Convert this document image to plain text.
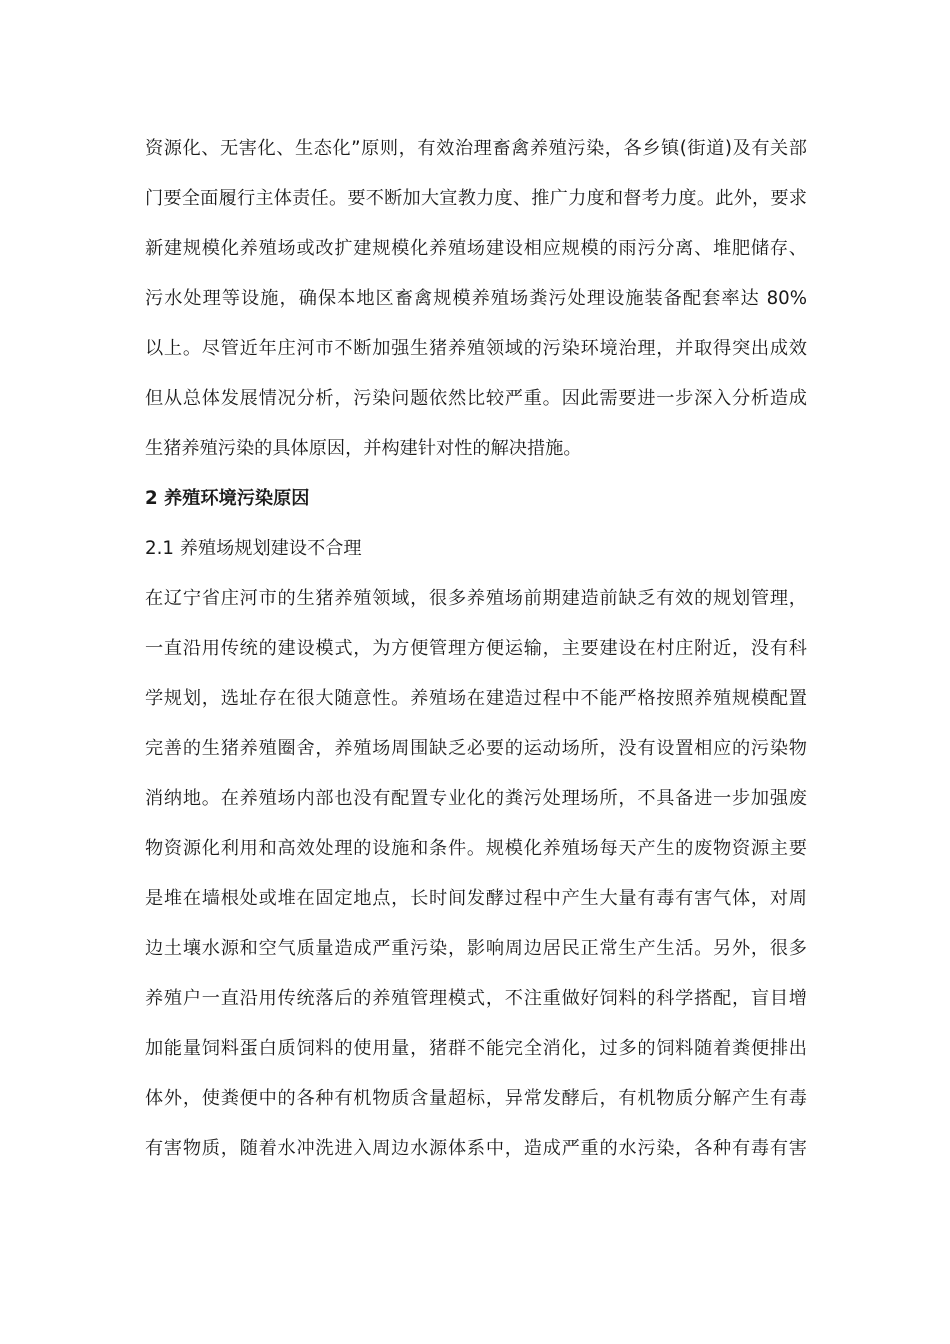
资源化、无害化、生态化”原则，有效治理畜禽养殖污染，各乡镇(街道)及有关部
门要全面履行主体责任。要不断加大宣教力度、推广力度和督考力度。此外，要求
新建规模化养殖场或改扩建规模化养殖场建设相应规模的雨污分离、堆肥储存、
污水处理等设施，确保本地区畜禽规模养殖场粪污处理设施装备配套率达 80%
以上。尽管近年庄河市不断加强生猪养殖领域的污染环境治理，并取得突出成效
但从总体发展情况分析，污染问题依然比较严重。因此需要进一步深入分析造成
生猪养殖污染的具体原因，并构建针对性的解决措施。
2 养殖环境污染原因
2.1 养殖场规划建设不合理
在辽宁省庄河市的生猪养殖领域，很多养殖场前期建造前缺乏有效的规划管理，
一直沿用传统的建设模式，为方便管理方便运输，主要建设在村庄附近，没有科
学规划，选址存在很大随意性。养殖场在建造过程中不能严格按照养殖规模配置
完善的生猪养殖圈舍，养殖场周围缺乏必要的运动场所，没有设置相应的污染物
消纳地。在养殖场内部也没有配置专业化的粪污处理场所，不具备进一步加强废
物资源化利用和高效处理的设施和条件。规模化养殖场每天产生的废物资源主要
是堆在墙根处或堆在固定地点，长时间发酵过程中产生大量有毒有害气体，对周
边土壤水源和空气质量造成严重污染，影响周边居民正常生产生活。另外，很多
养殖户一直沿用传统落后的养殖管理模式，不注重做好饲料的科学搭配，盲目增
加能量饲料蛋白质饲料的使用量，猪群不能完全消化，过多的饲料随着粪便排出
体外，使粪便中的各种有机物质含量超标，异常发酵后，有机物质分解产生有毒
有害物质，随着水冲洗进入周边水源体系中，造成严重的水污染，各种有毒有害
